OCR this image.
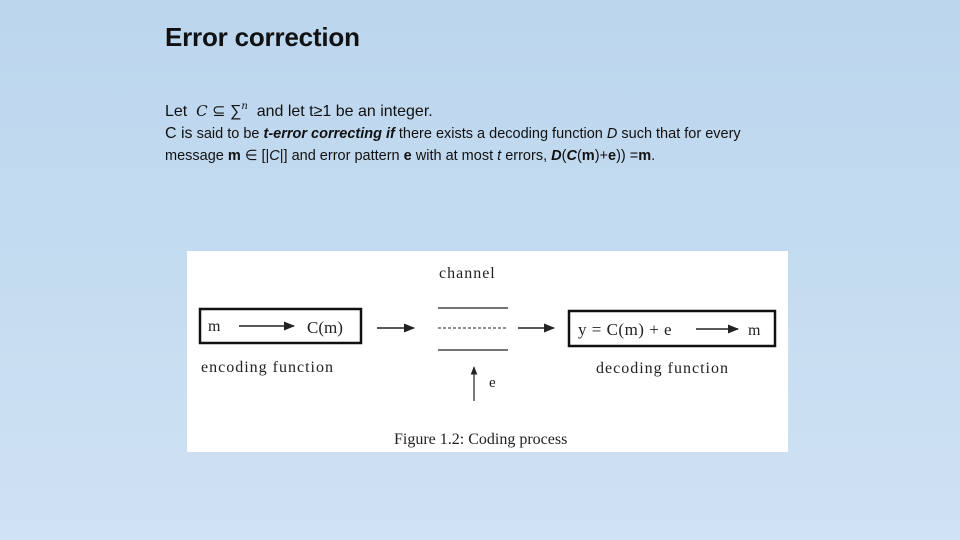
Error correction
Let C ⊆ ∑$^n$ and let t≥1 be an integer.
C is said to be t-error correcting if there exists a decoding function D such that for every
message m ∈ [|C|] and error pattern e with at most t errors, D(C(m)+e)) =m.
channel
m	C(m)
encoding function
e
y = C(m) + e	m
decoding function
Figure 1.2: Coding process
